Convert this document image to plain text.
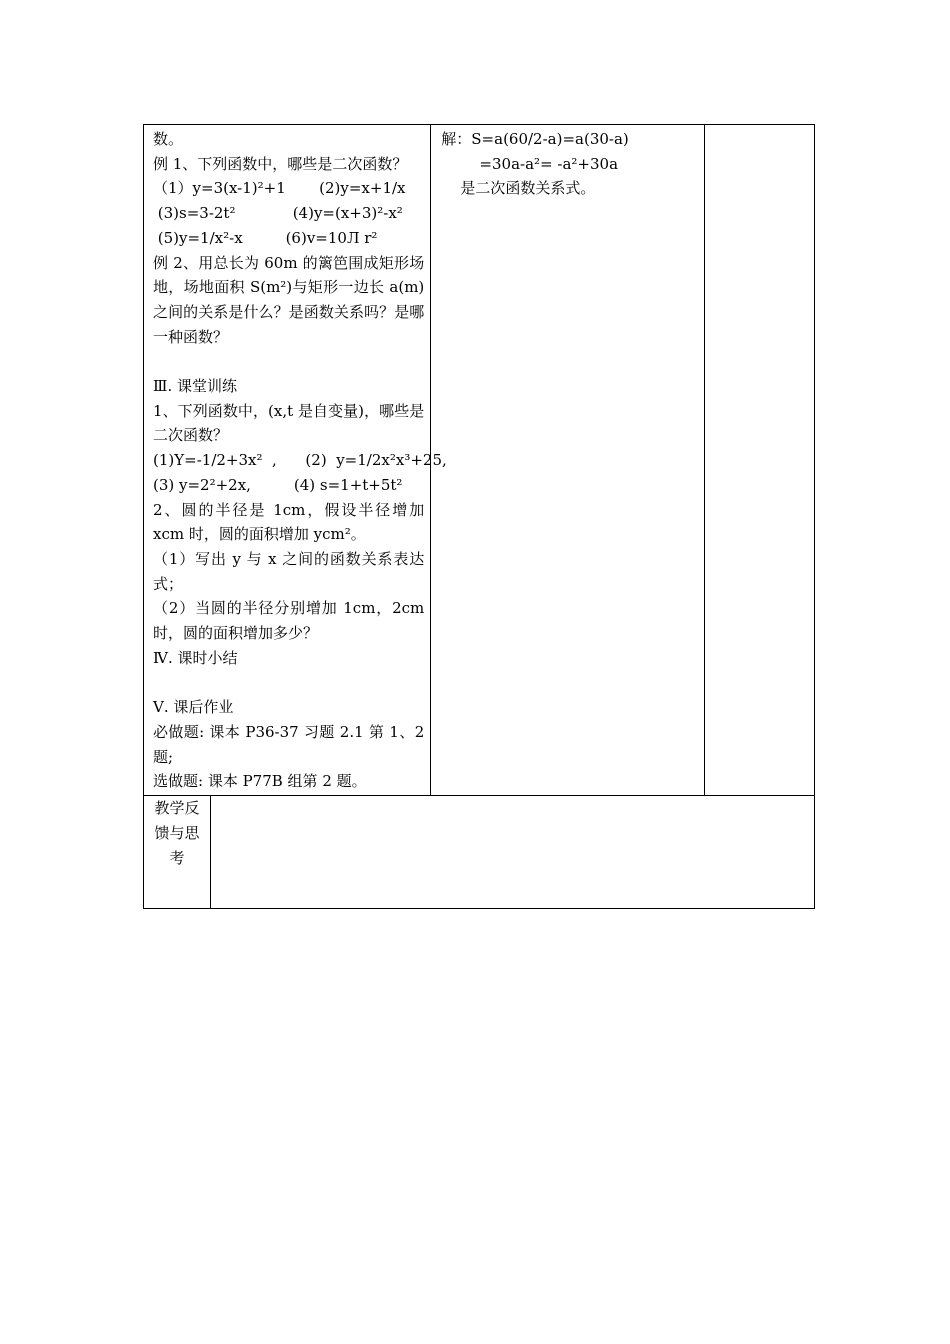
数。
例 1、下列函数中，哪些是二次函数？
（1）y=3(x-1)²+1       (2)y=x+1/x
(3)s=3-2t²            (4)y=(x+3)²-x²
(5)y=1/x²-x         (6)v=10Л r²
例 2、用总长为 60m 的篱笆围成矩形场地，场地面积 S(m²)与矩形一边长 a(m)之间的关系是什么？是函数关系吗？是哪一种函数？
Ⅲ. 课堂训练
1、下列函数中，(x,t 是自变量)，哪些是二次函数？
(1)Y=-1/2+3x²  ,      (2)  y=1/2x²x³+25,
(3) y=2²+2x,         (4) s=1+t+5t²
2、圆的半径是 1cm，假设半径增加 xcm 时，圆的面积增加 ycm²。
（1）写出 y 与 x 之间的函数关系表达式；
（2）当圆的半径分别增加 1cm，2cm 时，圆的面积增加多少？
Ⅳ. 课时小结
Ⅴ. 课后作业
必做题: 课本 P36-37 习题 2.1 第 1、2 题;
选做题: 课本 P77B 组第 2 题。

解：S=a(60/2-a)=a(30-a)
=30a-a²= -a²+30a
是二次函数关系式。

教学反
馈与思
考
